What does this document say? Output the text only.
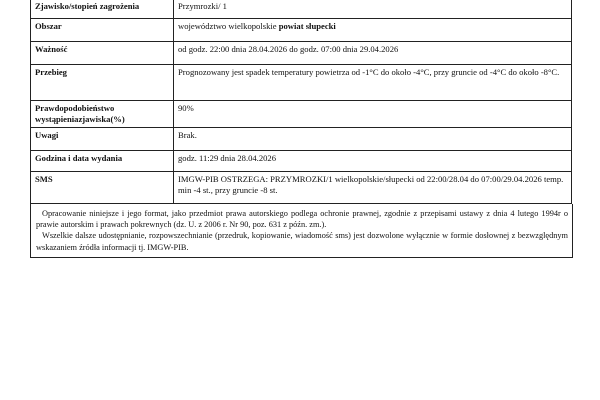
Zjawisko/stopień zagrożenia	Przymrozki/ 1
Obszar	województwo wielkopolskie powiat słupecki
Ważność	od godz. 22:00 dnia 28.04.2026 do godz. 07:00 dnia 29.04.2026
Przebieg	Prognozowany jest spadek temperatury powietrza od -1°C do około -4°C, przy gruncie od -4°C do około -8°C.
Prawdopodobieństwo
wystąpieniazjawiska(%)	90%
Uwagi	Brak.
Godzina i data wydania	godz. 11:29 dnia 28.04.2026
SMS	IMGW-PIB OSTRZEGA: PRZYMROZKI/1 wielkopolskie/słupecki od 22:00/28.04 do 07:00/29.04.2026 temp. min -4 st., przy gruncie -8 st.

Opracowanie niniejsze i jego format, jako przedmiot prawa autorskiego podlega ochronie prawnej, zgodnie z przepisami ustawy z dnia 4 lutego 1994r o prawie autorskim i prawach pokrewnych (dz. U. z 2006 r. Nr 90, poz. 631 z późn. zm.).

Wszelkie dalsze udostępnianie, rozpowszechnianie (przedruk, kopiowanie, wiadomość sms) jest dozwolone wyłącznie w formie dosłownej z bezwzględnym wskazaniem źródła informacji tj. IMGW-PIB.
